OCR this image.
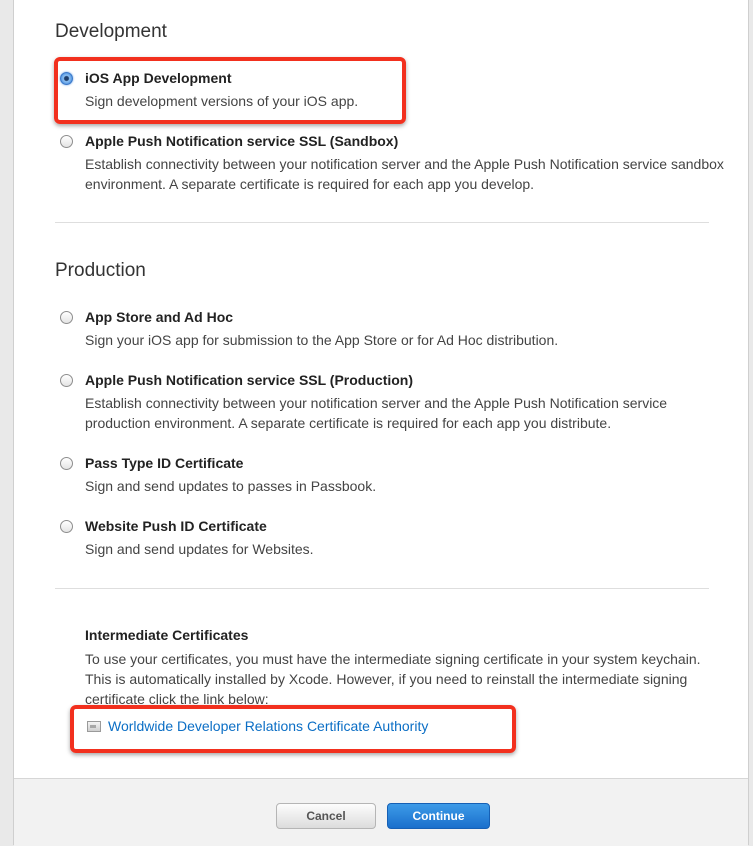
Development
iOS App Development
Sign development versions of your iOS app.
Apple Push Notification service SSL (Sandbox)
Establish connectivity between your notification server and the Apple Push Notification service sandbox environment. A separate certificate is required for each app you develop.
Production
App Store and Ad Hoc
Sign your iOS app for submission to the App Store or for Ad Hoc distribution.
Apple Push Notification service SSL (Production)
Establish connectivity between your notification server and the Apple Push Notification service production environment. A separate certificate is required for each app you distribute.
Pass Type ID Certificate
Sign and send updates to passes in Passbook.
Website Push ID Certificate
Sign and send updates for Websites.
Intermediate Certificates
To use your certificates, you must have the intermediate signing certificate in your system keychain. This is automatically installed by Xcode. However, if you need to reinstall the intermediate signing certificate click the link below:
Worldwide Developer Relations Certificate Authority
Cancel	Continue
